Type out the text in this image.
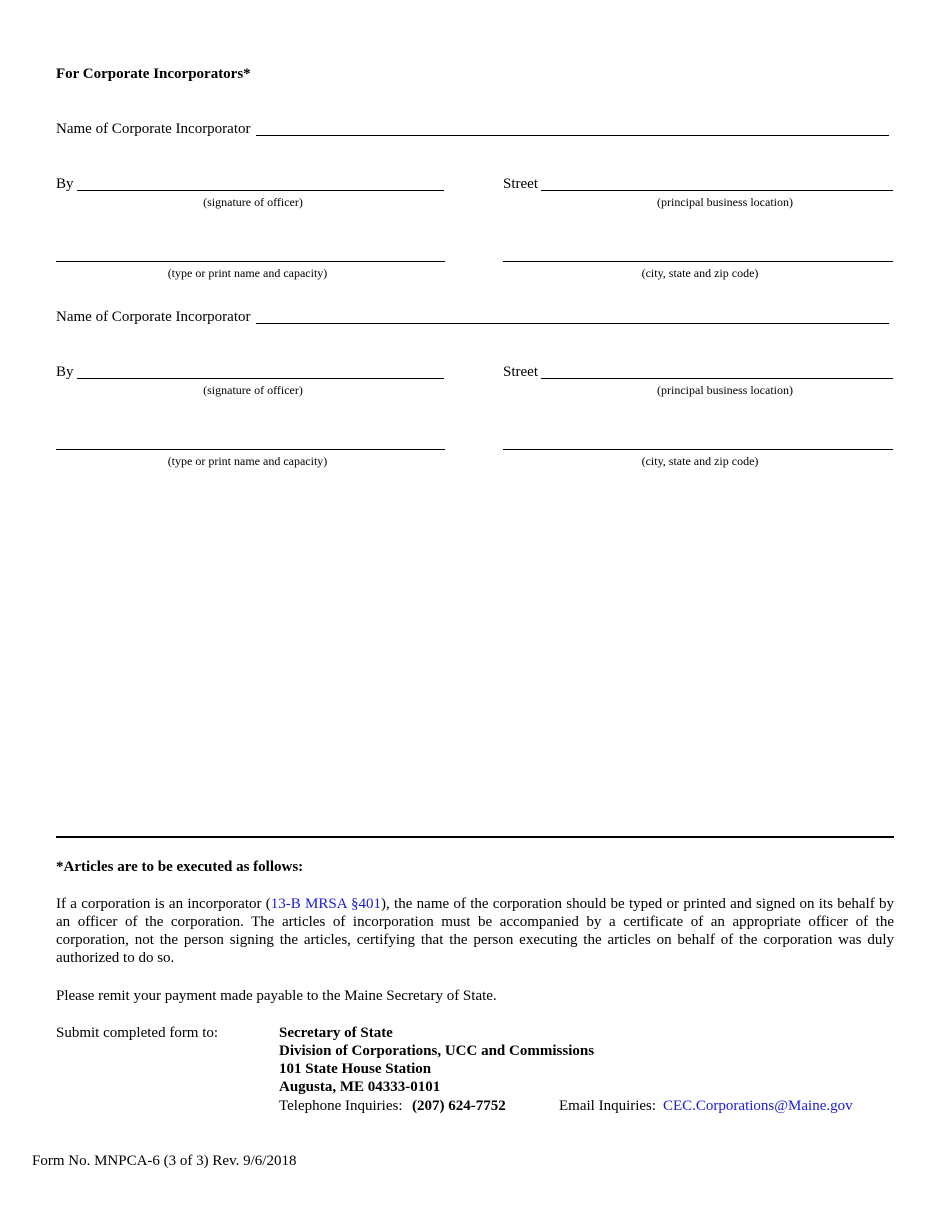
For Corporate Incorporators*
Name of Corporate Incorporator
By
(signature of officer)
Street
(principal business location)
(type or print name and capacity)	(city, state and zip code)
Name of Corporate Incorporator
By
(signature of officer)
Street
(principal business location)
(type or print name and capacity)	(city, state and zip code)
*Articles are to be executed as follows:
If a corporation is an incorporator (13-B MRSA §401), the name of the corporation should be typed or printed and signed on its behalf by an officer of the corporation. The articles of incorporation must be accompanied by a certificate of an appropriate officer of the corporation, not the person signing the articles, certifying that the person executing the articles on behalf of the corporation was duly authorized to do so.
Please remit your payment made payable to the Maine Secretary of State.
Submit completed form to:	Secretary of State
Division of Corporations, UCC and Commissions
101 State House Station
Augusta, ME 04333-0101
Telephone Inquiries: (207) 624-7752	Email Inquiries: CEC.Corporations@Maine.gov
Form No. MNPCA-6 (3 of 3) Rev. 9/6/2018
